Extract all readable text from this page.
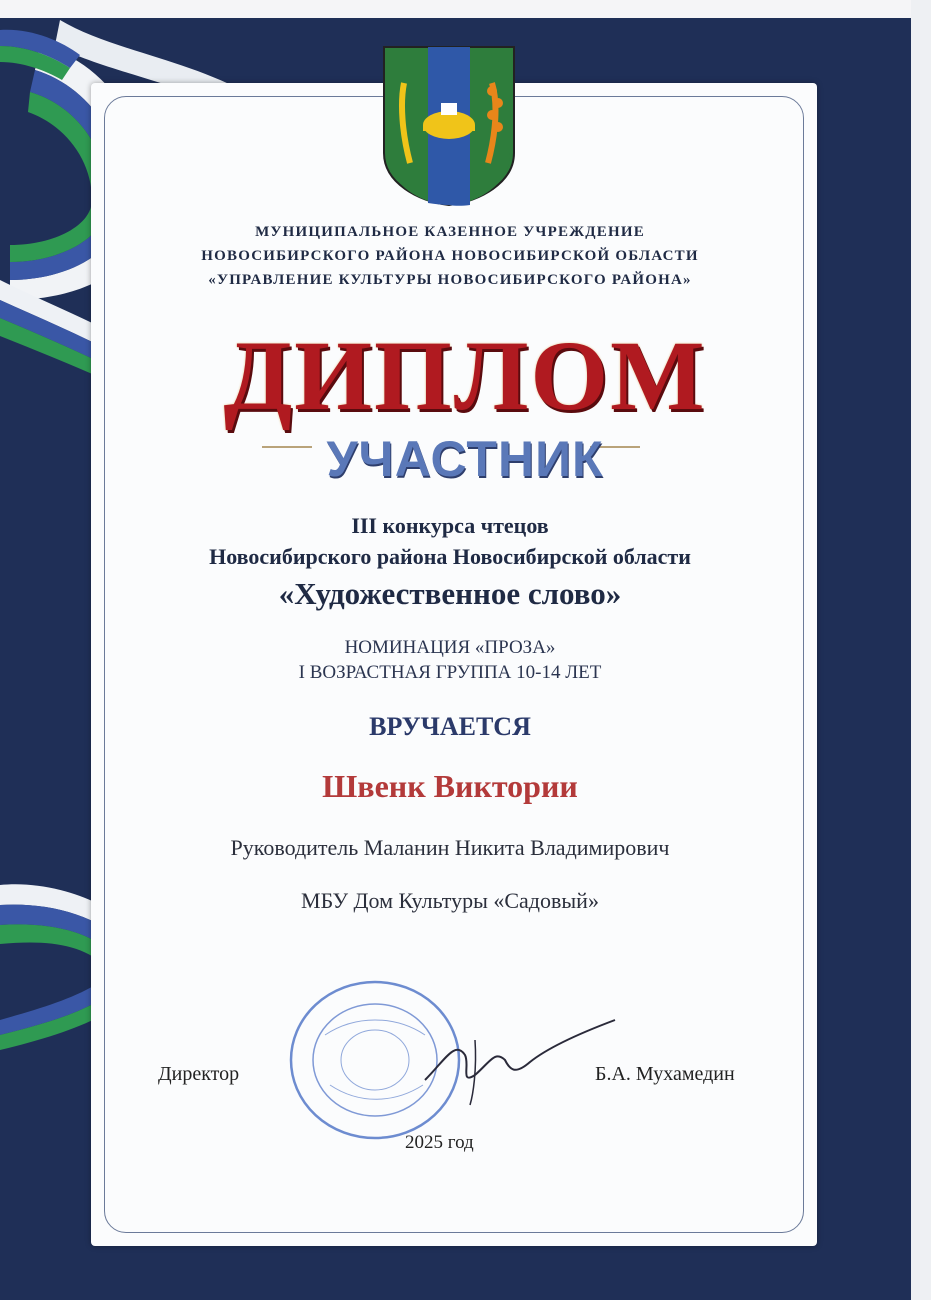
МУНИЦИПАЛЬНОЕ КАЗЕННОЕ УЧРЕЖДЕНИЕ
НОВОСИБИРСКОГО РАЙОНА НОВОСИБИРСКОЙ ОБЛАСТИ
«УПРАВЛЕНИЕ КУЛЬТУРЫ НОВОСИБИРСКОГО РАЙОНА»
ДИПЛОМ
УЧАСТНИК
III конкурса чтецов
Новосибирского района Новосибирской области
«Художественное слово»
НОМИНАЦИЯ «ПРОЗА»
I ВОЗРАСТНАЯ ГРУППА 10-14 ЛЕТ
ВРУЧАЕТСЯ
Швенк Виктории
Руководитель Маланин Никита Владимирович
МБУ Дом Культуры «Садовый»
Директор	Б.А. Мухамедин
2025 год
